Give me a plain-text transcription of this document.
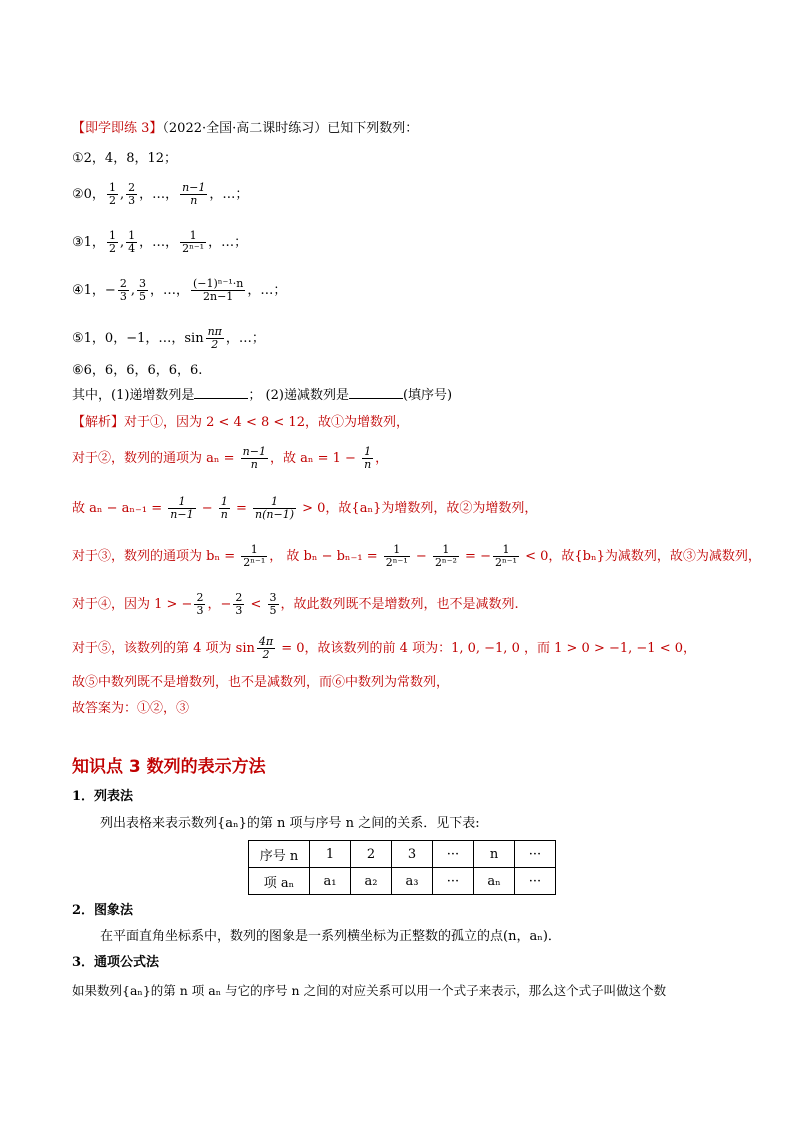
【即学即练 3】（2022·全国·高二课时练习）已知下列数列：
①2，4，8，12；
②0， $\frac{1}{2}$ , $\frac{2}{3}$ ，…， $\frac{n-1}{n}$ ，…；
③1， $\frac{1}{2}$ , $\frac{1}{4}$ ，…， $\frac{1}{\text{2ⁿ⁻¹}}$ ，…；
④1，− $\frac{2}{3}$ , $\frac{3}{5}$ ，…， $\frac{\text{(−1)ⁿ⁻¹·n}}{2n-1}$ ，…；
⑤1，0，−1，…，$\sin \frac{n\pi}{2}$ ，…；
⑥6，6，6，6，6，6.
其中，(1)递增数列是	； (2)递减数列是	(填序号)
【解析】对于①，因为 2 < 4 < 8 < 12，故①为增数列，
对于②，数列的通项为 $a_n = \frac{n-1}{n}$ ，故 $a_n = 1 - \frac{1}{n}$ ，
故 $a_n - a_{n-1} = \frac{1}{n-1} - \frac{1}{n} = \frac{1}{n(n-1)} > 0$，故{aₙ}为增数列，故②为增数列，
对于③，数列的通项为 $b_n = \frac{1}{\text{2ⁿ⁻¹}}$ ， 故 $b_n - b_{n-1} = \frac{1}{\text{2ⁿ⁻¹}} - \frac{1}{\text{2ⁿ⁻²}}$ = − $\frac{1}{\text{2ⁿ⁻¹}} < 0$，故{bₙ}为减数列，故③为减数列，
对于④，因为 1 > − $\frac{2}{3}$ ，− $\frac{2}{3} < \frac{3}{5}$ ，故此数列既不是增数列，也不是减数列.
对于⑤，该数列的第 4 项为 $\sin \frac{4\pi}{2} = 0$，故该数列的前 4 项为：1, 0, −1, 0 ，而 1 > 0 > −1, −1 < 0，
故⑤中数列既不是增数列，也不是减数列，而⑥中数列为常数列，
故答案为：①②，③
知识点 3 数列的表示方法
1．列表法
列出表格来表示数列{aₙ}的第 n 项与序号 n 之间的关系．见下表:
序号 n	1	2	3	···	n	···
项 aₙ	a₁	a₂	a₃	···	aₙ	···
2．图象法
在平面直角坐标系中，数列的图象是一系列横坐标为正整数的孤立的点(n，aₙ)．
3．通项公式法
如果数列{aₙ}的第 n 项 aₙ 与它的序号 n 之间的对应关系可以用一个式子来表示，那么这个式子叫做这个数
